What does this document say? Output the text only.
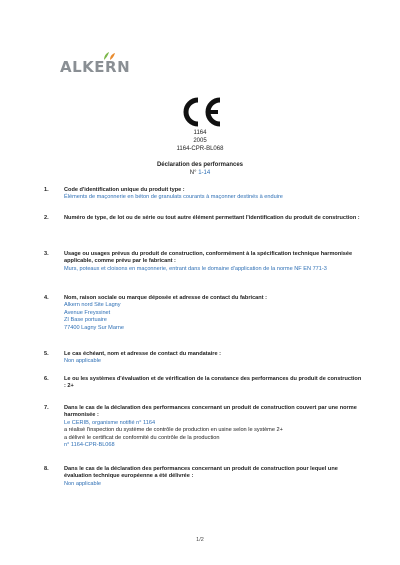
ALKERN
1164
2005
1164-CPR-BL068
Déclaration des performances
N° 1-14
1.	Code d'identification unique du produit type :
Éléments de maçonnerie en béton de granulats courants à maçonner destinés à enduire
2.	Numéro de type, de lot ou de série ou tout autre élément permettant l'identification du produit de construction :
3.	Usage ou usages prévus du produit de construction, conformément à la spécification technique harmonisée applicable, comme prévu par le fabricant :
Murs, poteaux et cloisons en maçonnerie, entrant dans le domaine d'application de la norme NF EN 771-3
4.	Nom, raison sociale ou marque déposée et adresse de contact du fabricant :
Alkern nord Site Lagny
Avenue Freyssinet
ZI Base portuaire
77400 Lagny Sur Marne
5.	Le cas échéant, nom et adresse de contact du mandataire :
Non applicable
6.	Le ou les systèmes d'évaluation et de vérification de la constance des performances du produit de construction : 2+
7.	Dans le cas de la déclaration des performances concernant un produit de construction couvert par une norme harmonisée :
Le CERIB, organisme notifié n° 1164
a réalisé l'inspection du système de contrôle de production en usine selon le système 2+
a délivré le certificat de conformité du contrôle de la production
n° 1164-CPR-BL068
8.	Dans le cas de la déclaration des performances concernant un produit de construction pour lequel une évaluation technique européenne a été délivrée :
Non applicable
1/2
